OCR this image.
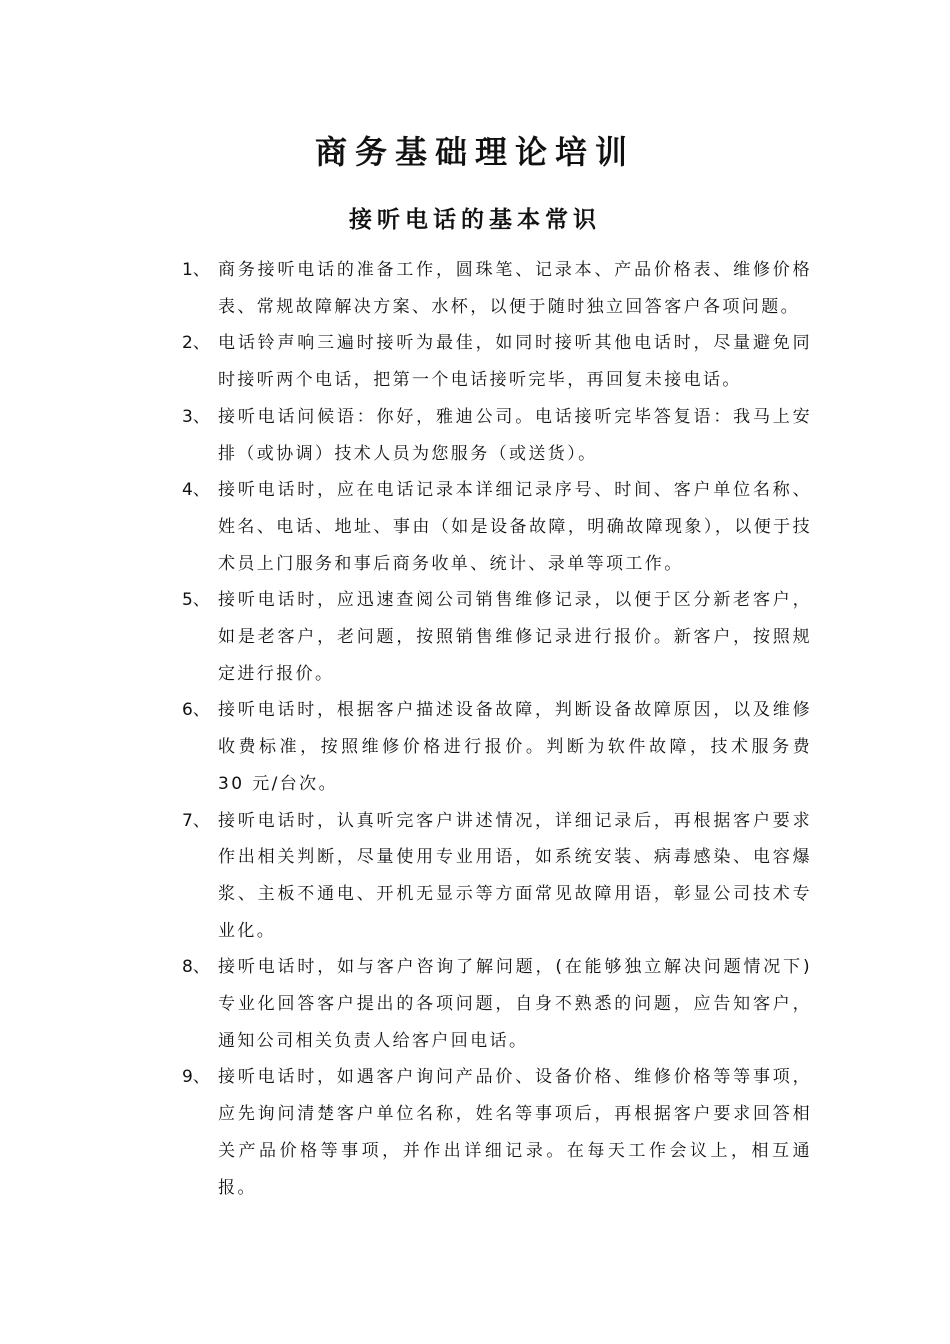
商务基础理论培训
接听电话的基本常识
1、 商务接听电话的准备工作，圆珠笔、记录本、产品价格表、维修价格表、常规故障解决方案、水杯，以便于随时独立回答客户各项问题。
2、 电话铃声响三遍时接听为最佳，如同时接听其他电话时，尽量避免同时接听两个电话，把第一个电话接听完毕，再回复未接电话。
3、 接听电话问候语：你好，雅迪公司。电话接听完毕答复语：我马上安排（或协调）技术人员为您服务（或送货）。
4、 接听电话时，应在电话记录本详细记录序号、时间、客户单位名称、姓名、电话、地址、事由（如是设备故障，明确故障现象），以便于技术员上门服务和事后商务收单、统计、录单等项工作。
5、 接听电话时，应迅速查阅公司销售维修记录，以便于区分新老客户，如是老客户，老问题，按照销售维修记录进行报价。新客户，按照规定进行报价。
6、 接听电话时，根据客户描述设备故障，判断设备故障原因，以及维修收费标准，按照维修价格进行报价。判断为软件故障，技术服务费 30 元/台次。
7、 接听电话时，认真听完客户讲述情况，详细记录后，再根据客户要求作出相关判断，尽量使用专业用语，如系统安装、病毒感染、电容爆浆、主板不通电、开机无显示等方面常见故障用语，彰显公司技术专业化。
8、 接听电话时，如与客户咨询了解问题，(在能够独立解决问题情况下)专业化回答客户提出的各项问题，自身不熟悉的问题，应告知客户，通知公司相关负责人给客户回电话。
9、 接听电话时，如遇客户询问产品价、设备价格、维修价格等等事项，应先询问清楚客户单位名称，姓名等事项后，再根据客户要求回答相关产品价格等事项，并作出详细记录。在每天工作会议上，相互通报。
